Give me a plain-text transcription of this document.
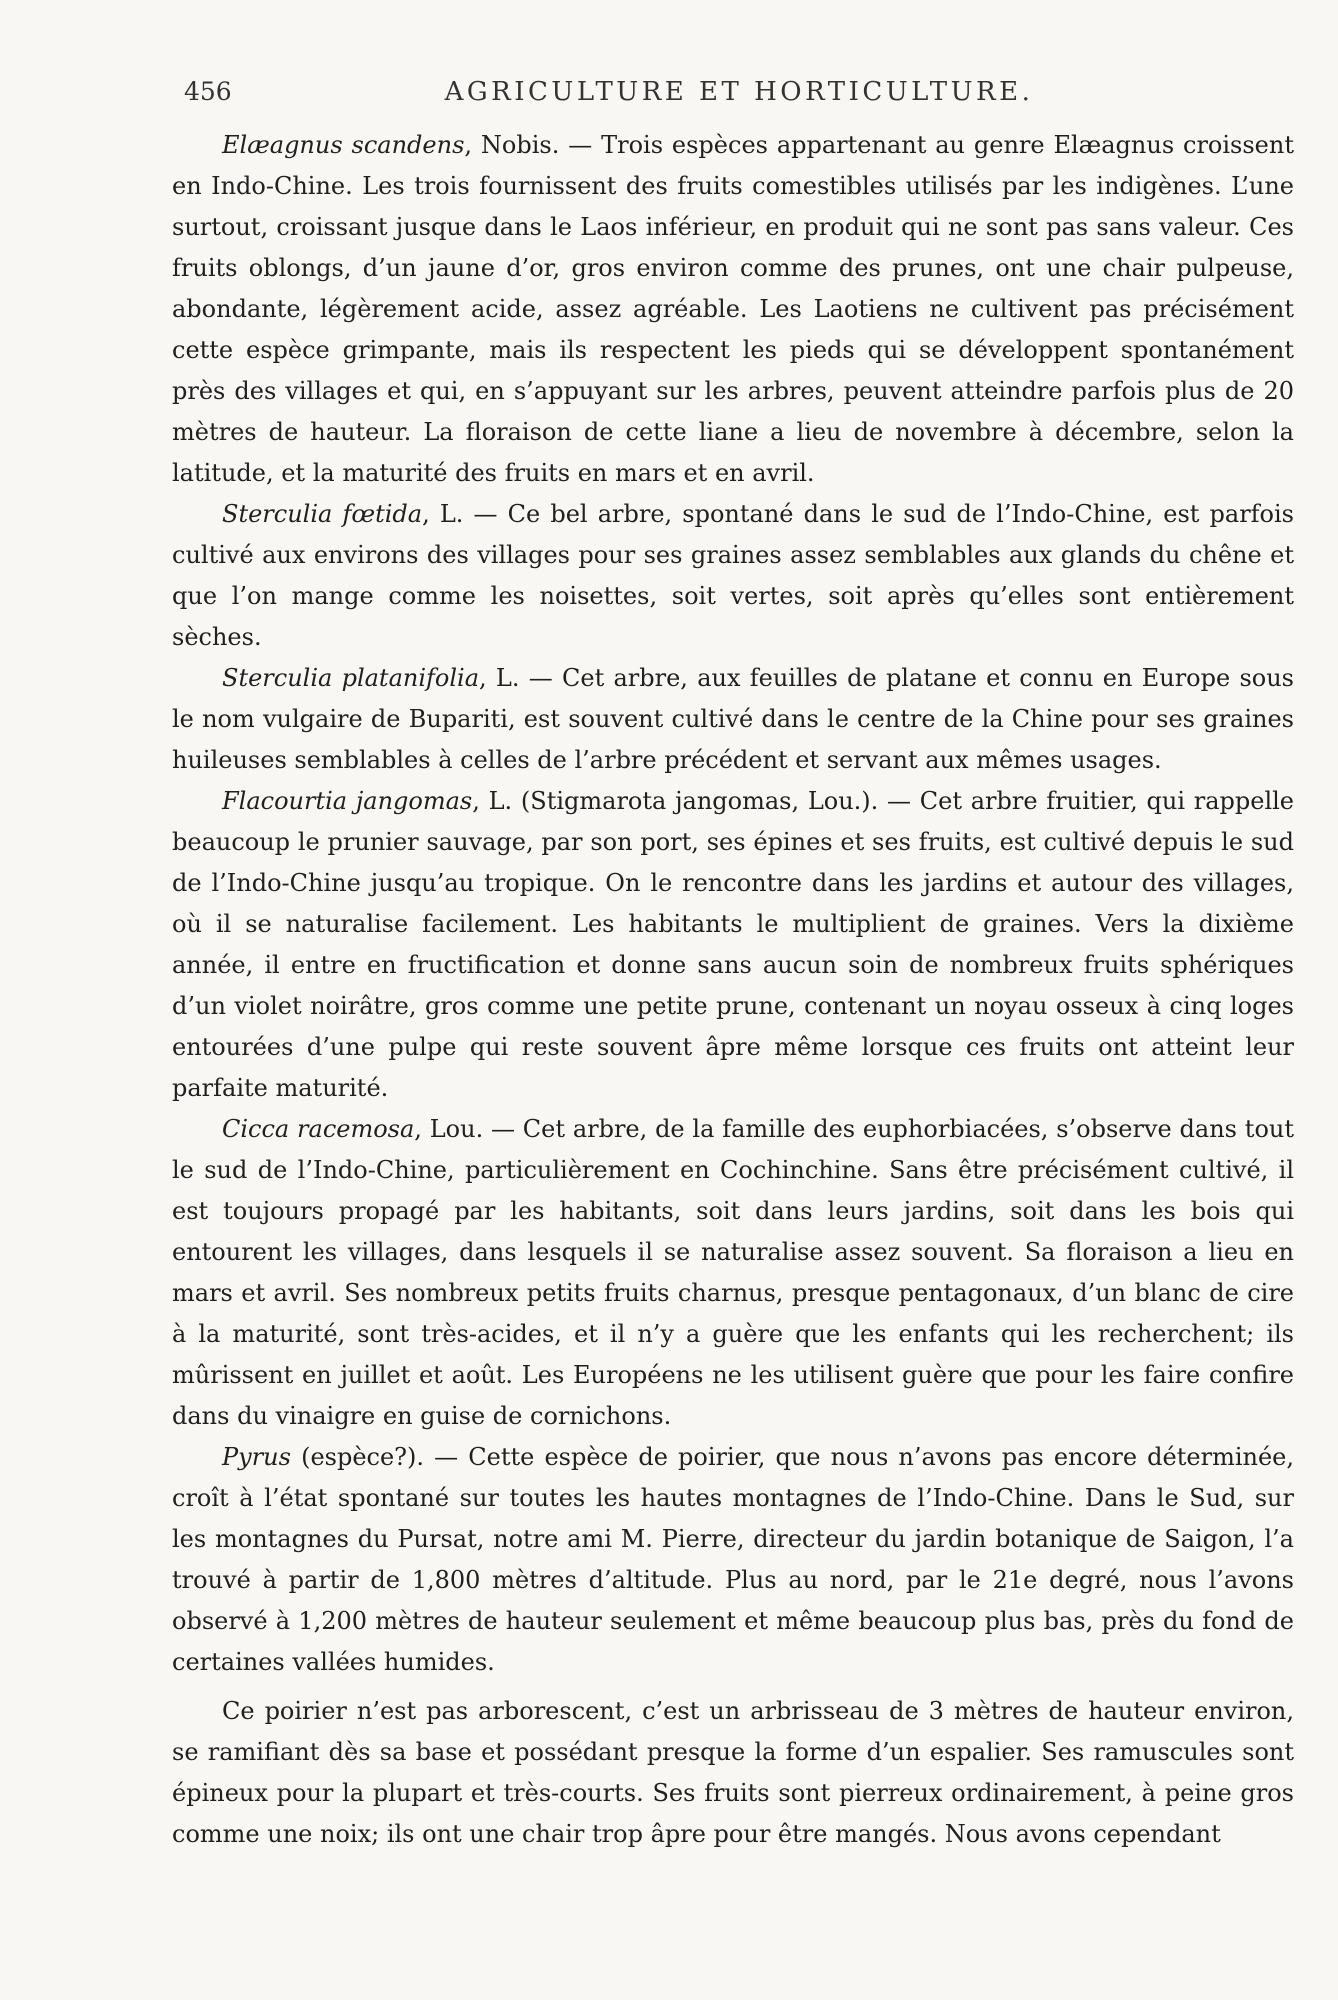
456	AGRICULTURE ET HORTICULTURE.

Elæagnus scandens, Nobis. — Trois espèces appartenant au genre Elæagnus croissent en Indo-Chine. Les trois fournissent des fruits comestibles utilisés par les indigènes. L’une surtout, croissant jusque dans le Laos inférieur, en produit qui ne sont pas sans valeur. Ces fruits oblongs, d’un jaune d’or, gros environ comme des prunes, ont une chair pulpeuse, abondante, légèrement acide, assez agréable. Les Laotiens ne cultivent pas précisément cette espèce grimpante, mais ils respectent les pieds qui se développent spontanément près des villages et qui, en s’appuyant sur les arbres, peuvent atteindre parfois plus de 20 mètres de hauteur. La floraison de cette liane a lieu de novembre à décembre, selon la latitude, et la maturité des fruits en mars et en avril.

Sterculia fœtida, L. — Ce bel arbre, spontané dans le sud de l’Indo-Chine, est parfois cultivé aux environs des villages pour ses graines assez semblables aux glands du chêne et que l’on mange comme les noisettes, soit vertes, soit après qu’elles sont entièrement sèches.

Sterculia platanifolia, L. — Cet arbre, aux feuilles de platane et connu en Europe sous le nom vulgaire de Bupariti, est souvent cultivé dans le centre de la Chine pour ses graines huileuses semblables à celles de l’arbre précédent et servant aux mêmes usages.

Flacourtia jangomas, L. (Stigmarota jangomas, Lou.). — Cet arbre fruitier, qui rappelle beaucoup le prunier sauvage, par son port, ses épines et ses fruits, est cultivé depuis le sud de l’Indo-Chine jusqu’au tropique. On le rencontre dans les jardins et autour des villages, où il se naturalise facilement. Les habitants le multiplient de graines. Vers la dixième année, il entre en fructification et donne sans aucun soin de nombreux fruits sphériques d’un violet noirâtre, gros comme une petite prune, contenant un noyau osseux à cinq loges entourées d’une pulpe qui reste souvent âpre même lorsque ces fruits ont atteint leur parfaite maturité.

Cicca racemosa, Lou. — Cet arbre, de la famille des euphorbiacées, s’observe dans tout le sud de l’Indo-Chine, particulièrement en Cochinchine. Sans être précisément cultivé, il est toujours propagé par les habitants, soit dans leurs jardins, soit dans les bois qui entourent les villages, dans lesquels il se naturalise assez souvent. Sa floraison a lieu en mars et avril. Ses nombreux petits fruits charnus, presque pentagonaux, d’un blanc de cire à la maturité, sont très-acides, et il n’y a guère que les enfants qui les recherchent; ils mûrissent en juillet et août. Les Européens ne les utilisent guère que pour les faire confire dans du vinaigre en guise de cornichons.

Pyrus (espèce?). — Cette espèce de poirier, que nous n’avons pas encore déterminée, croît à l’état spontané sur toutes les hautes montagnes de l’Indo-Chine. Dans le Sud, sur les montagnes du Pursat, notre ami M. Pierre, directeur du jardin botanique de Saigon, l’a trouvé à partir de 1,800 mètres d’altitude. Plus au nord, par le 21e degré, nous l’avons observé à 1,200 mètres de hauteur seulement et même beaucoup plus bas, près du fond de certaines vallées humides.

Ce poirier n’est pas arborescent, c’est un arbrisseau de 3 mètres de hauteur environ, se ramifiant dès sa base et possédant presque la forme d’un espalier. Ses ramuscules sont épineux pour la plupart et très-courts. Ses fruits sont pierreux ordinairement, à peine gros comme une noix; ils ont une chair trop âpre pour être mangés. Nous avons cependant
